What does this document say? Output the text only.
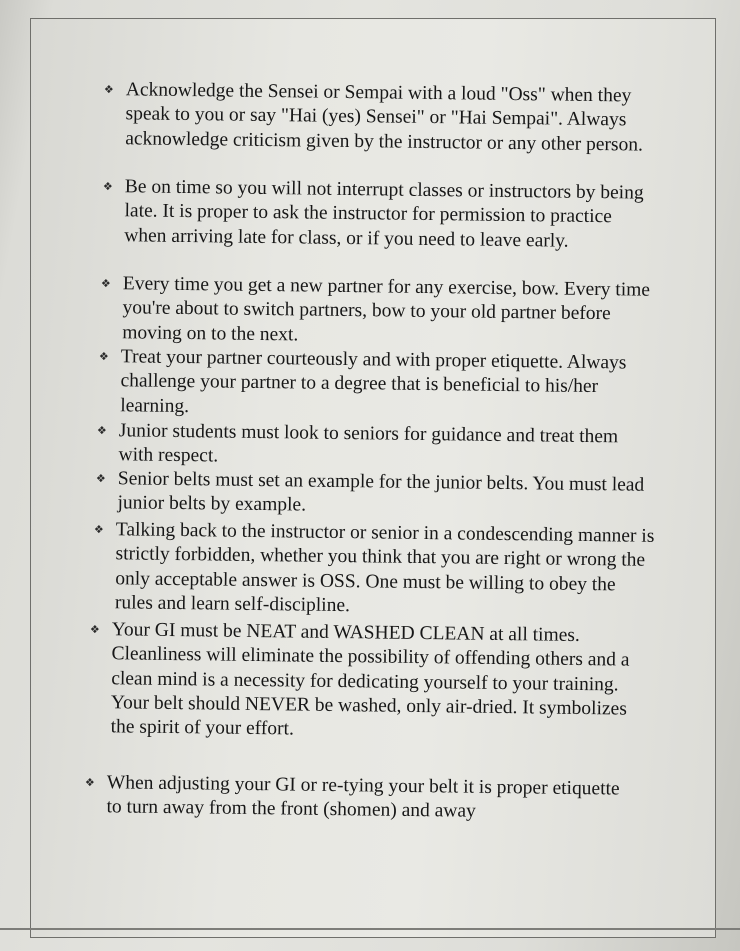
❖ Acknowledge the Sensei or Sempai with a loud "Oss" when they speak to you or say "Hai (yes) Sensei" or "Hai Sempai". Always acknowledge criticism given by the instructor or any other person.
❖ Be on time so you will not interrupt classes or instructors by being late. It is proper to ask the instructor for permission to practice when arriving late for class, or if you need to leave early.
❖ Every time you get a new partner for any exercise, bow. Every time you're about to switch partners, bow to your old partner before moving on to the next.
❖ Treat your partner courteously and with proper etiquette. Always challenge your partner to a degree that is beneficial to his/her learning.
❖ Junior students must look to seniors for guidance and treat them with respect.
❖ Senior belts must set an example for the junior belts. You must lead junior belts by example.
❖ Talking back to the instructor or senior in a condescending manner is strictly forbidden, whether you think that you are right or wrong the only acceptable answer is OSS. One must be willing to obey the rules and learn self-discipline.
❖ Your GI must be NEAT and WASHED CLEAN at all times. Cleanliness will eliminate the possibility of offending others and a clean mind is a necessity for dedicating yourself to your training. Your belt should NEVER be washed, only air-dried. It symbolizes the spirit of your effort.
❖ When adjusting your GI or re-tying your belt it is proper etiquette to turn away from the front (shomen) and away
